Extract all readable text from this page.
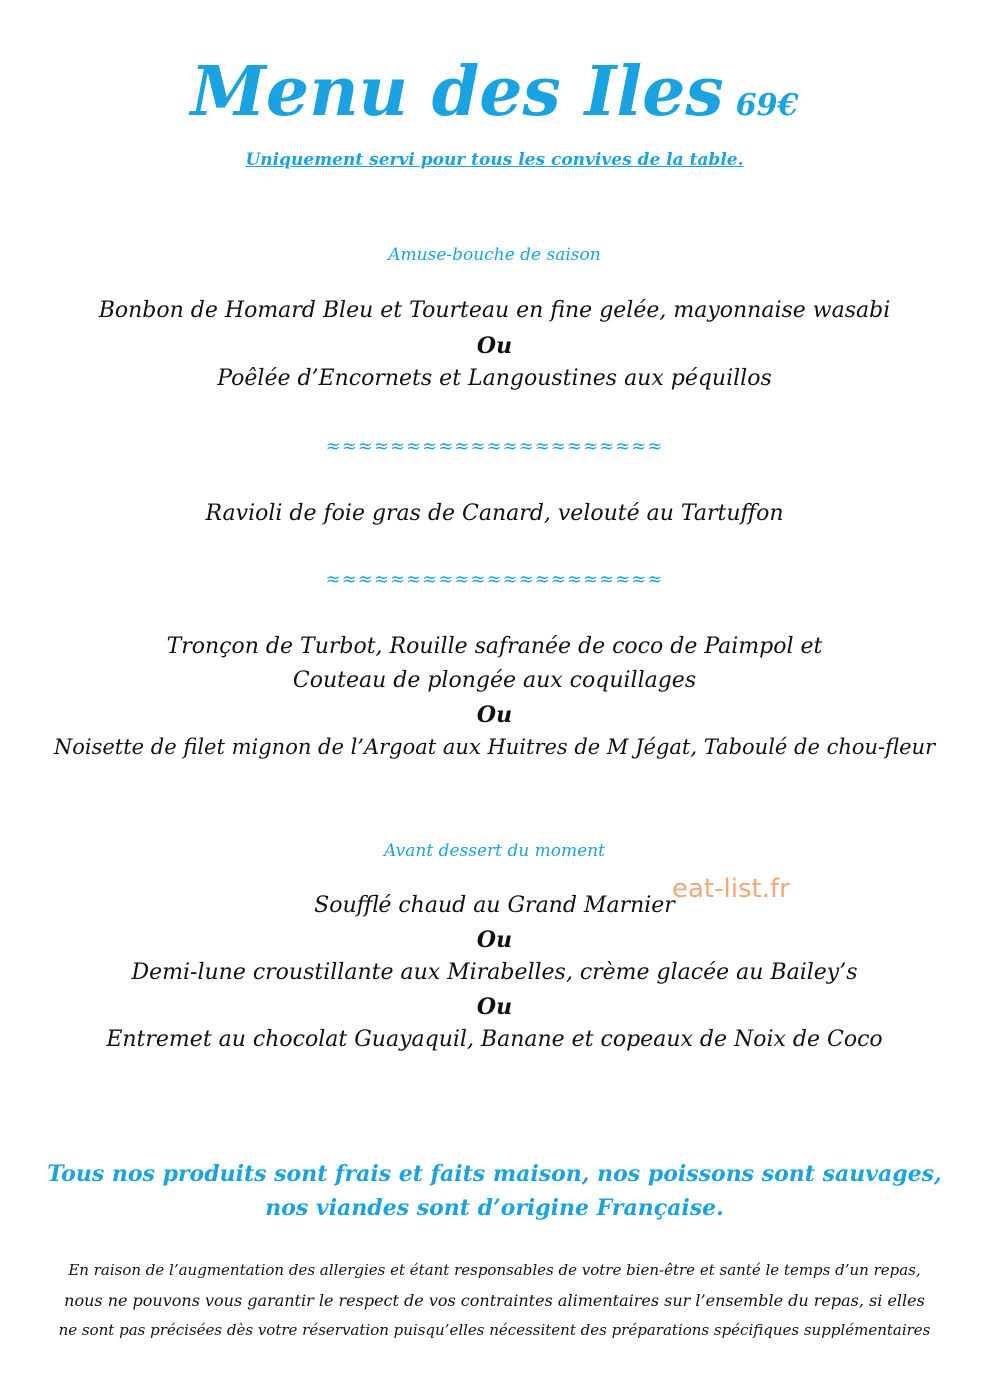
Menu des Iles 69€
Uniquement servi pour tous les convives de la table.
Amuse-bouche de saison
Bonbon de Homard Bleu et Tourteau en fine gelée, mayonnaise wasabi
Ou
Poêlée d’Encornets et Langoustines aux péquillos
≈≈≈≈≈≈≈≈≈≈≈≈≈≈≈≈≈≈≈≈≈
Ravioli de foie gras de Canard, velouté au Tartuffon
≈≈≈≈≈≈≈≈≈≈≈≈≈≈≈≈≈≈≈≈≈
Tronçon de Turbot, Rouille safranée de coco de Paimpol et
Couteau de plongée aux coquillages
Ou
Noisette de filet mignon de l’Argoat aux Huitres de M Jégat, Taboulé de chou-fleur
Avant dessert du moment
Soufflé chaud au Grand Marnier
eat-list.fr
Ou
Demi-lune croustillante aux Mirabelles, crème glacée au Bailey’s
Ou
Entremet au chocolat Guayaquil, Banane et copeaux de Noix de Coco
Tous nos produits sont frais et faits maison, nos poissons sont sauvages,
nos viandes sont d’origine Française.
En raison de l’augmentation des allergies et étant responsables de votre bien-être et santé le temps d’un repas,
nous ne pouvons vous garantir le respect de vos contraintes alimentaires sur l’ensemble du repas, si elles
ne sont pas précisées dès votre réservation puisqu’elles nécessitent des préparations spécifiques supplémentaires
